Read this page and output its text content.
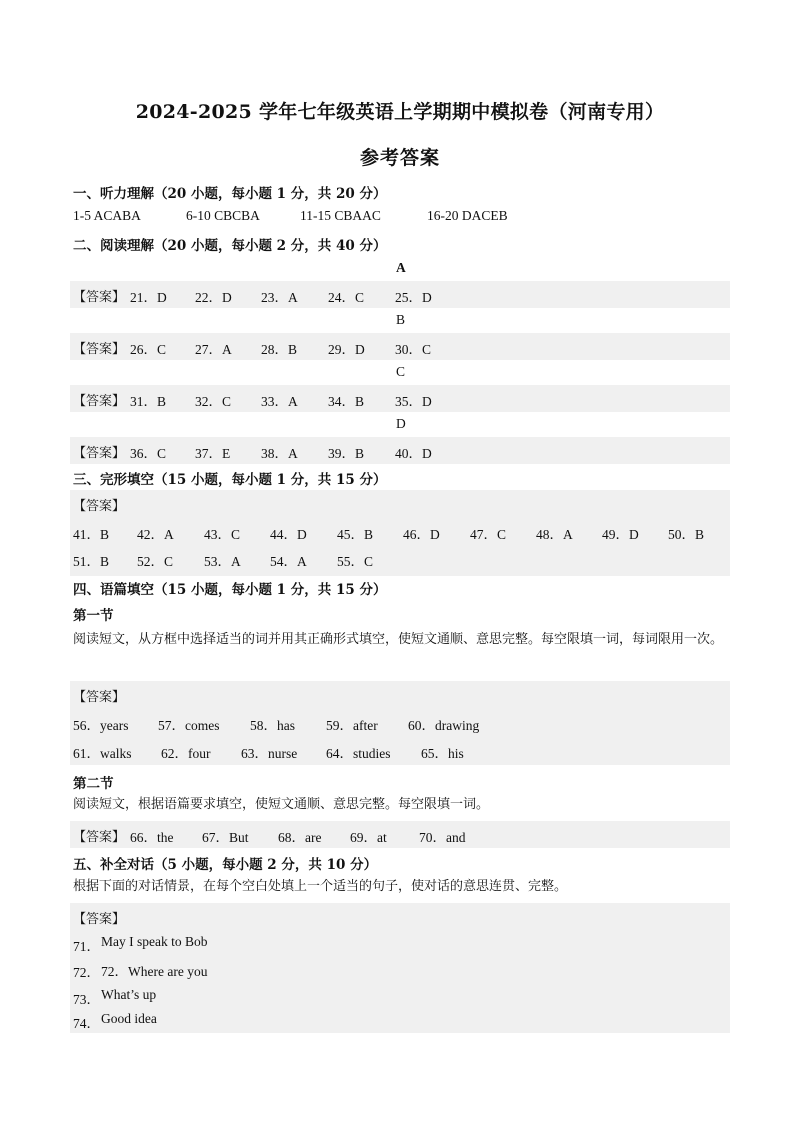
2024-2025 学年七年级英语上学期期中模拟卷（河南专用）
参考答案
一、听力理解（20 小题，每小题 1 分，共 20 分）
1-5 ACABA	6-10 CBCBA	11-15 CBAAC	16-20 DACEB
二、阅读理解（20 小题，每小题 2 分，共 40 分）
A
【答案】 21．D 22．D 23．A 24．C 25．D
B
【答案】 26．C 27．A 28．B 29．D 30．C
C
【答案】 31．B 32．C 33．A 34．B 35．D
D
【答案】 36．C 37．E 38．A 39．B 40．D
三、完形填空（15 小题，每小题 1 分，共 15 分）
【答案】
41．B 42．A 43．C 44．D 45．B 46．D 47．C 48．A 49．D 50．B
51．B 52．C 53．A 54．A 55．C
四、语篇填空（15 小题，每小题 1 分，共 15 分）
第一节
阅读短文，从方框中选择适当的词并用其正确形式填空，使短文通顺、意思完整。每空限填一词，每词限用一次。
【答案】
56．years 57．comes 58．has 59．after 60．drawing
61．walks 62．four 63．nurse 64．studies 65．his
第二节
阅读短文，根据语篇要求填空，使短文通顺、意思完整。每空限填一词。
【答案】 66．the 67．But 68．are 69．at 70．and
五、补全对话（5 小题，每小题 2 分，共 10 分）
根据下面的对话情景，在每个空白处填上一个适当的句子，使对话的意思连贯、完整。
【答案】
71． May I speak to Bob
72． 72．Where are you
73． What’s up
74． Good idea
